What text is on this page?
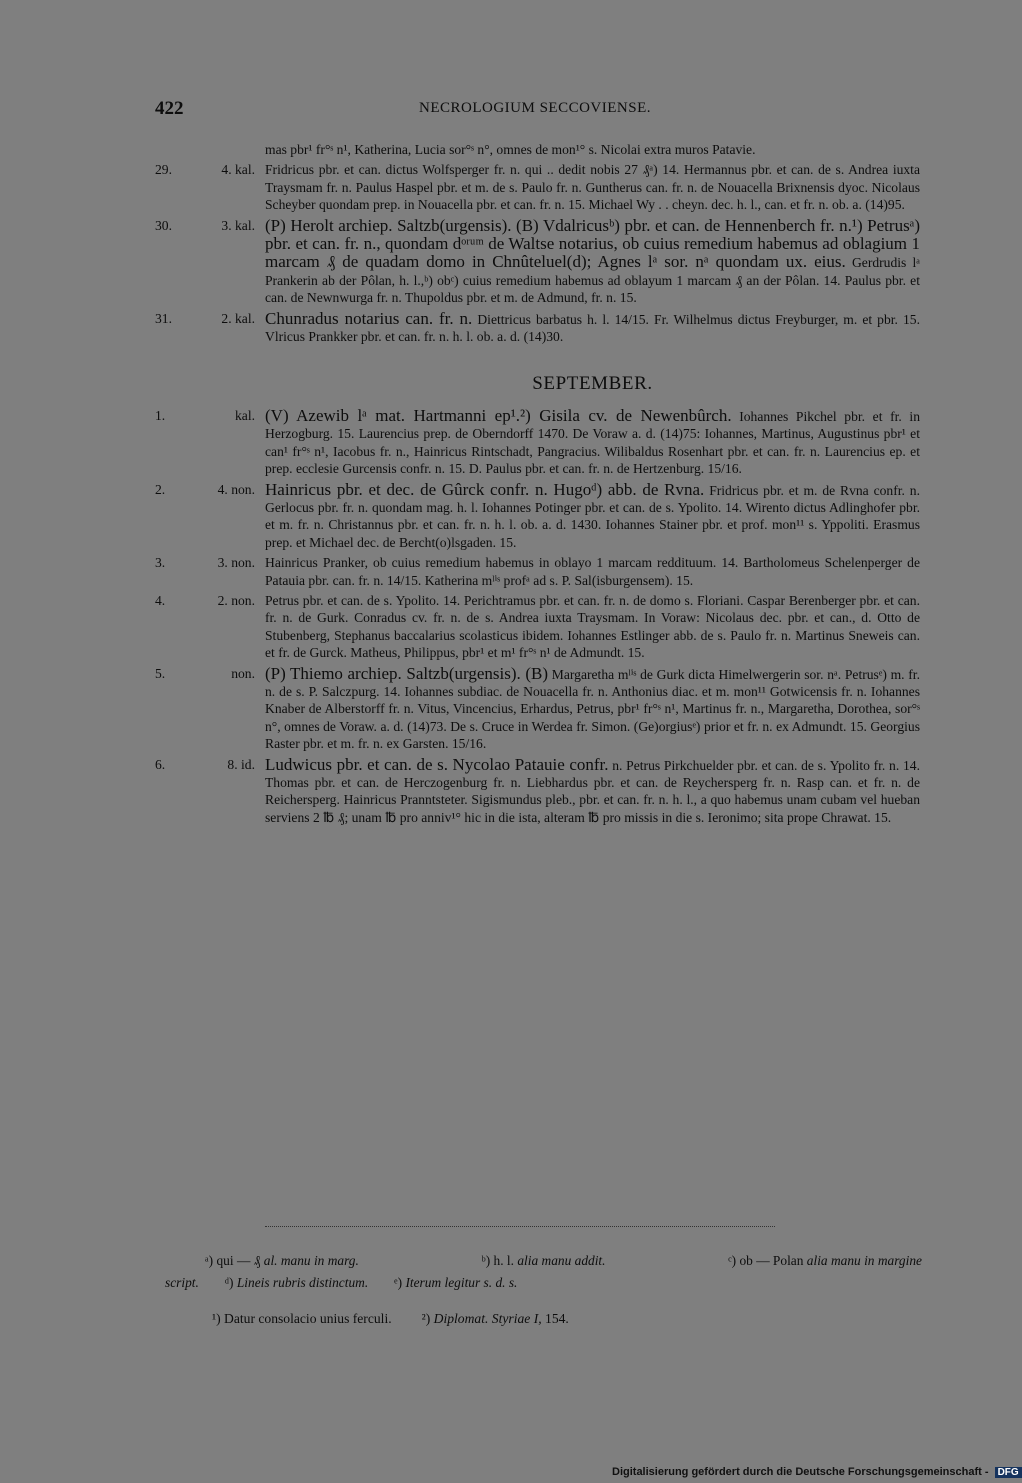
422	NECROLOGIUM SECCOVIENSE.
mas pbr¹ fr°ˢ n¹, Katherina, Lucia sor°ˢ n°, omnes de mon¹° s. Nicolai extra muros Patavie.
29.	4. kal. Fridricus pbr. et can. dictus Wolfsperger fr. n. qui .. dedit nobis 27 ₰ᵃ) 14. Hermannus pbr. et can. de s. Andrea iuxta Traysmam fr. n. Paulus Haspel pbr. et m. de s. Paulo fr. n. Guntherus can. fr. n. de Nouacella Brixnensis dyoc. Nicolaus Scheyber quondam prep. in Nouacella pbr. et can. fr. n. 15. Michael Wy . . cheyn. dec. h. l., can. et fr. n. ob. a. (14)95.
30.	3. kal. (P) Herolt archiep. Saltzb(urgensis). (B) Vdalricusᵇ) pbr. et can. de Hennenberch fr. n.¹) Petrusᵃ) pbr. et can. fr. n., quondam dᵒʳᵘᵐ de Waltse notarius, ob cuius remedium habemus ad oblagium 1 marcam ₰ de quadam domo in Chnûteluel(d); Agnes lᵃ sor. nᵃ quondam ux. eius. Gerdrudis lᵃ Prankerin ab der Pôlan, h. l.,ᵇ) obᶜ) cuius remedium habemus ad oblayum 1 marcam ₰ an der Pôlan. 14. Paulus pbr. et can. de Newnwurga fr. n. Thupoldus pbr. et m. de Admund, fr. n. 15.
31.	2. kal. Chunradus notarius can. fr. n. Diettricus barbatus h. l. 14/15. Fr. Wilhelmus dictus Freyburger, m. et pbr. 15. Vlricus Prankker pbr. et can. fr. n. h. l. ob. a. d. (14)30.
SEPTEMBER.
1.	kal. (V) Azewib lᵃ mat. Hartmanni ep¹.²) Gisila cv. de Newenbûrch. Iohannes Pikchel pbr. et fr. in Herzogburg. 15. Laurencius prep. de Oberndorff 1470. De Voraw a. d. (14)75: Iohannes, Martinus, Augustinus pbr¹ et can¹ fr°ˢ n¹, Iacobus fr. n., Hainricus Rintschadt, Pangracius. Wilibaldus Rosenhart pbr. et can. fr. n. Laurencius ep. et prep. ecclesie Gurcensis confr. n. 15. D. Paulus pbr. et can. fr. n. de Hertzenburg. 15/16.
2.	4. non. Hainricus pbr. et dec. de Gûrck confr. n. Hugoᵈ) abb. de Rvna. Fridricus pbr. et m. de Rvna confr. n. Gerlocus pbr. fr. n. quondam mag. h. l. Iohannes Potinger pbr. et can. de s. Ypolito. 14. Wirento dictus Adlinghofer pbr. et m. fr. n. Christannus pbr. et can. fr. n. h. l. ob. a. d. 1430. Iohannes Stainer pbr. et prof. mon¹¹ s. Yppoliti. Erasmus prep. et Michael dec. de Bercht(o)lsgaden. 15.
3.	3. non. Hainricus Pranker, ob cuius remedium habemus in oblayo 1 marcam reddituum. 14. Bartholomeus Schelenperger de Patauia pbr. can. fr. n. 14/15. Katherina mˡⁱˢ profᵃ ad s. P. Sal(isburgensem). 15.
4.	2. non. Petrus pbr. et can. de s. Ypolito. 14. Perichtramus pbr. et can. fr. n. de domo s. Floriani. Caspar Berenberger pbr. et can. fr. n. de Gurk. Conradus cv. fr. n. de s. Andrea iuxta Traysmam. In Voraw: Nicolaus dec. pbr. et can., d. Otto de Stubenberg, Stephanus baccalarius scolasticus ibidem. Iohannes Estlinger abb. de s. Paulo fr. n. Martinus Sneweis can. et fr. de Gurck. Matheus, Philippus, pbr¹ et m¹ fr°ˢ n¹ de Admundt. 15.
5.	non. (P) Thiemo archiep. Saltzb(urgensis). (B) Margaretha mˡⁱˢ de Gurk dicta Himelwergerin sor. nᵃ. Petrusᵉ) m. fr. n. de s. P. Salczpurg. 14. Iohannes subdiac. de Nouacella fr. n. Anthonius diac. et m. mon¹¹ Gotwicensis fr. n. Iohannes Knaber de Alberstorff fr. n. Vitus, Vincencius, Erhardus, Petrus, pbr¹ fr°ˢ n¹, Martinus fr. n., Margaretha, Dorothea, sor°ˢ n°, omnes de Voraw. a. d. (14)73. De s. Cruce in Werdea fr. Simon. (Ge)orgiusᵉ) prior et fr. n. ex Admundt. 15. Georgius Raster pbr. et m. fr. n. ex Garsten. 15/16.
6.	8. id. Ludwicus pbr. et can. de s. Nycolao Patauie confr. n. Petrus Pirkchuelder pbr. et can. de s. Ypolito fr. n. 14. Thomas pbr. et can. de Herczogenburg fr. n. Liebhardus pbr. et can. de Reychersperg fr. n. Rasp can. et fr. n. de Reichersperg. Hainricus Pranntsteter. Sigismundus pleb., pbr. et can. fr. n. h. l., a quo habemus unam cubam vel hueban serviens 2 ℔ ₰; unam ℔ pro anniv¹° hic in die ista, alteram ℔ pro missis in die s. Ieronimo; sita prope Chrawat. 15.
ᵃ) qui — ₰ al. manu in marg.	ᵇ) h. l. alia manu addit.	ᶜ) ob — Polan alia manu in margine
script. ᵈ) Lineis rubris distinctum. ᵉ) Iterum legitur s. d. s.
¹) Datur consolacio unius ferculi. ²) Diplomat. Styriae I, 154.
Digitalisierung gefördert durch die Deutsche Forschungsgemeinschaft - DFG
